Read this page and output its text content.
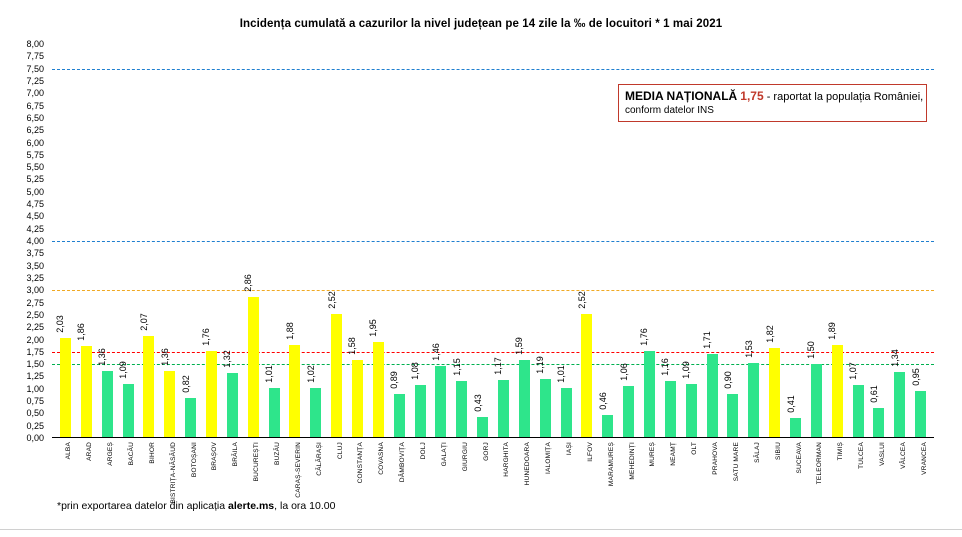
Incidența cumulată a cazurilor la nivel județean pe 14 zile la ‰ de locuitori * 1 mai 2021
8,00
7,75
7,50
7,25
7,00
6,75
6,50
6,25
6,00
5,75
5,50
5,25
5,00
4,75
4,50
4,25
4,00
3,75
3,50
3,25
3,00
2,75
2,50
2,25
2,00
1,75
1,50
1,25
1,00
0,75
0,50
0,25
0,00
2,03 1,86
1,36
1,09
2,07
1,36
0,82
1,76
1,32
2,86
1,01
1,88
1,02
2,52
1,58
1,95
0,89
1,08
1,46
1,15
0,43
1,17
1,59
1,19
1,01
2,52
0,46
1,06
1,76
1,16 1,09
1,71
0,90
1,53
1,82
0,41
1,50
1,89
1,07
0,61
1,34
0,95
ALBA ARAD ARGEȘ BACĂU BIHOR BISTRIȚA-NĂSĂUD BOTOȘANI BRAȘOV BRĂILA BUCUREȘTI BUZĂU CARAȘ-SEVERIN CĂLĂRAȘI CLUJ CONSTANȚA COVASNA DÂMBOVIȚA DOLJ GALAȚI GIURGIU GORJ HARGHITA HUNEDOARA IALOMIȚA IAȘI ILFOV MARAMUREȘ MEHEDINȚI MUREȘ NEAMȚ OLT PRAHOVA SATU MARE SĂLAJ SIBIU SUCEAVA TELEORMAN TIMIȘ TULCEA VASLUI VÂLCEA VRANCEA
MEDIA NAȚIONALĂ 1,75 - raportat la populația României,
conform datelor INS
*prin exportarea datelor din aplicația alerte.ms, la ora 10.00
